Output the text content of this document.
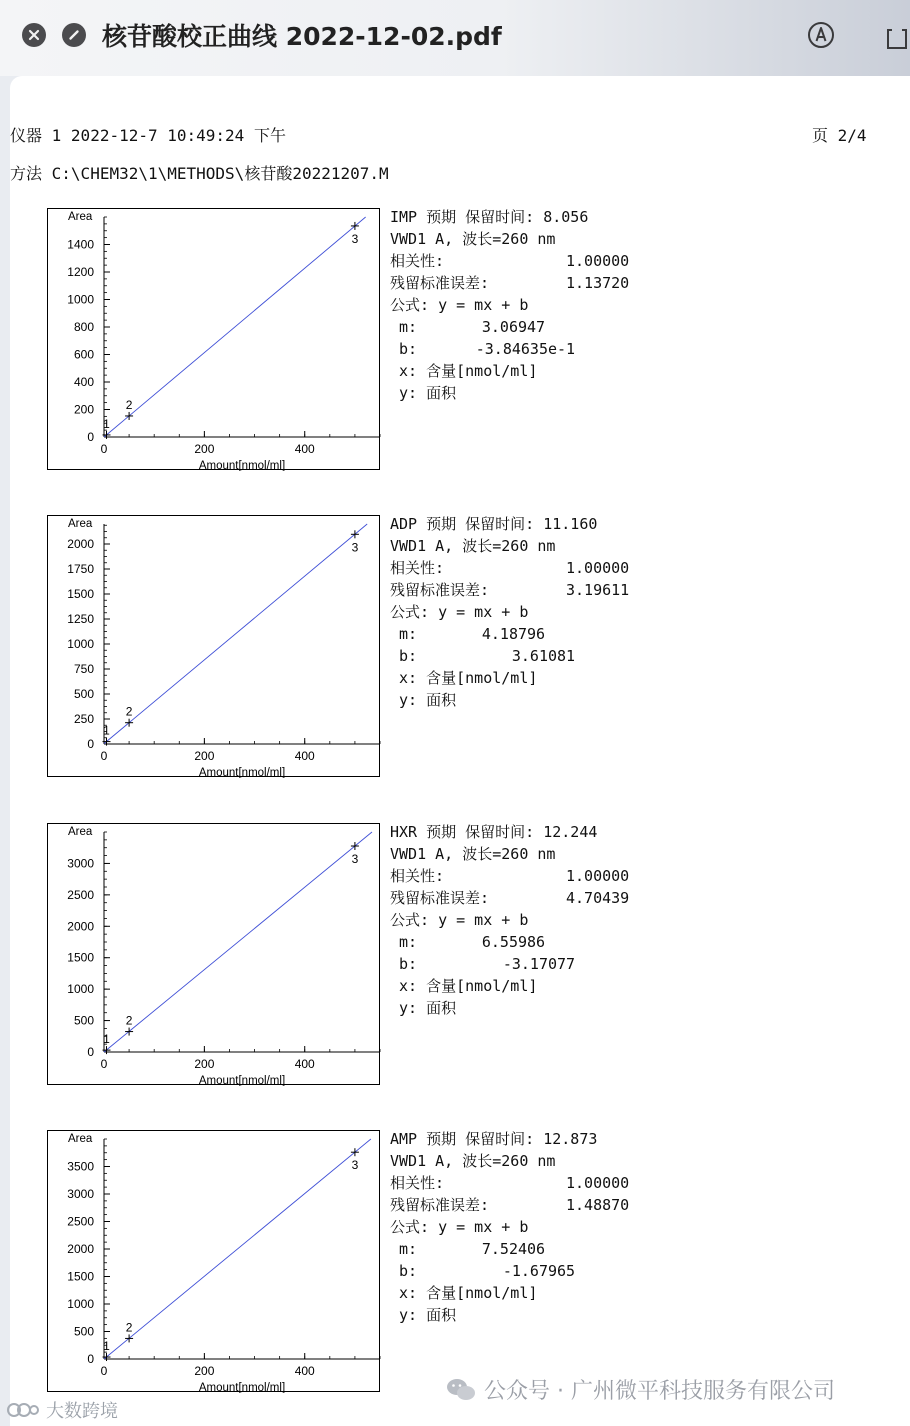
核苷酸校正曲线 2022-12-02.pdf
仪器 1 2022-12-7 10:49:24 下午	页 2/4
方法 C:\CHEM32\1\METHODS\核苷酸20221207.M
0
200
400
600
800
1000
1200
1400
0	200	400
Area
Amount[nmol/ml]
1
2
3
IMP 预期 保留时间: 8.056
VWD1 A, 波长=260 nm
相关性:	1.00000
残留标准误差:	1.13720
公式: y = mx + b
m:	3.06947
b:	-3.84635e-1
x: 含量[nmol/ml]
y: 面积
0
250
500
750
1000
1250
1500
1750
2000
0	200	400
Area
Amount[nmol/ml]
1
2
3
ADP 预期 保留时间: 11.160
VWD1 A, 波长=260 nm
相关性:	1.00000
残留标准误差:	3.19611
公式: y = mx + b
m:	4.18796
b:	3.61081
x: 含量[nmol/ml]
y: 面积
0
500
1000
1500
2000
2500
3000
0	200	400
Area
Amount[nmol/ml]
1
2
3
HXR 预期 保留时间: 12.244
VWD1 A, 波长=260 nm
相关性:	1.00000
残留标准误差:	4.70439
公式: y = mx + b
m:	6.55986
b:	-3.17077
x: 含量[nmol/ml]
y: 面积
0
500
1000
1500
2000
2500
3000
3500
0	200	400
Area
Amount[nmol/ml]
1
2
3
AMP 预期 保留时间: 12.873
VWD1 A, 波长=260 nm
相关性:	1.00000
残留标准误差:	1.48870
公式: y = mx + b
m:	7.52406
b:	-1.67965
x: 含量[nmol/ml]
y: 面积
公众号 · 广州微平科技服务有限公司
大数跨境
